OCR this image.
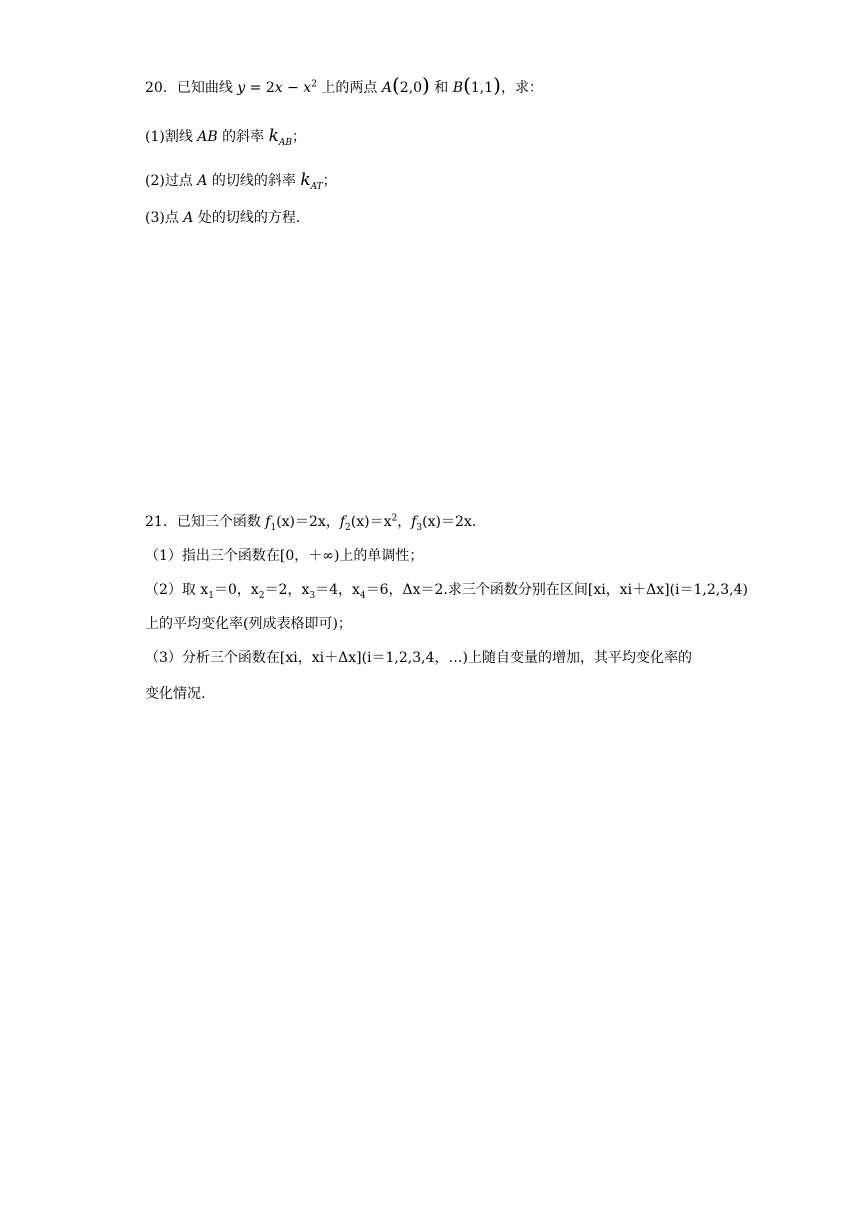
20．已知曲线 $y = 2x - x^2$ 上的两点 A(2,0) 和 B(1,1)，求：
(1)割线 AB 的斜率 $k_{AB}$；
(2)过点 A 的切线的斜率 $k_{AT}$；
(3)点 A 处的切线的方程.
21．已知三个函数 $f_1(x)=2x$，$f_2(x)=x^2$，$f_3(x)=2x$.
（1）指出三个函数在[0，＋∞)上的单调性；
（2）取 $x_1=0$，$x_2=2$，$x_3=4$，$x_4=6$，Δx＝2.求三个函数分别在区间[xi，xi＋Δx](i＝1,2,3,4)
上的平均变化率(列成表格即可)；
（3）分析三个函数在[xi，xi＋Δx](i＝1,2,3,4，…)上随自变量的增加，其平均变化率的
变化情况.
